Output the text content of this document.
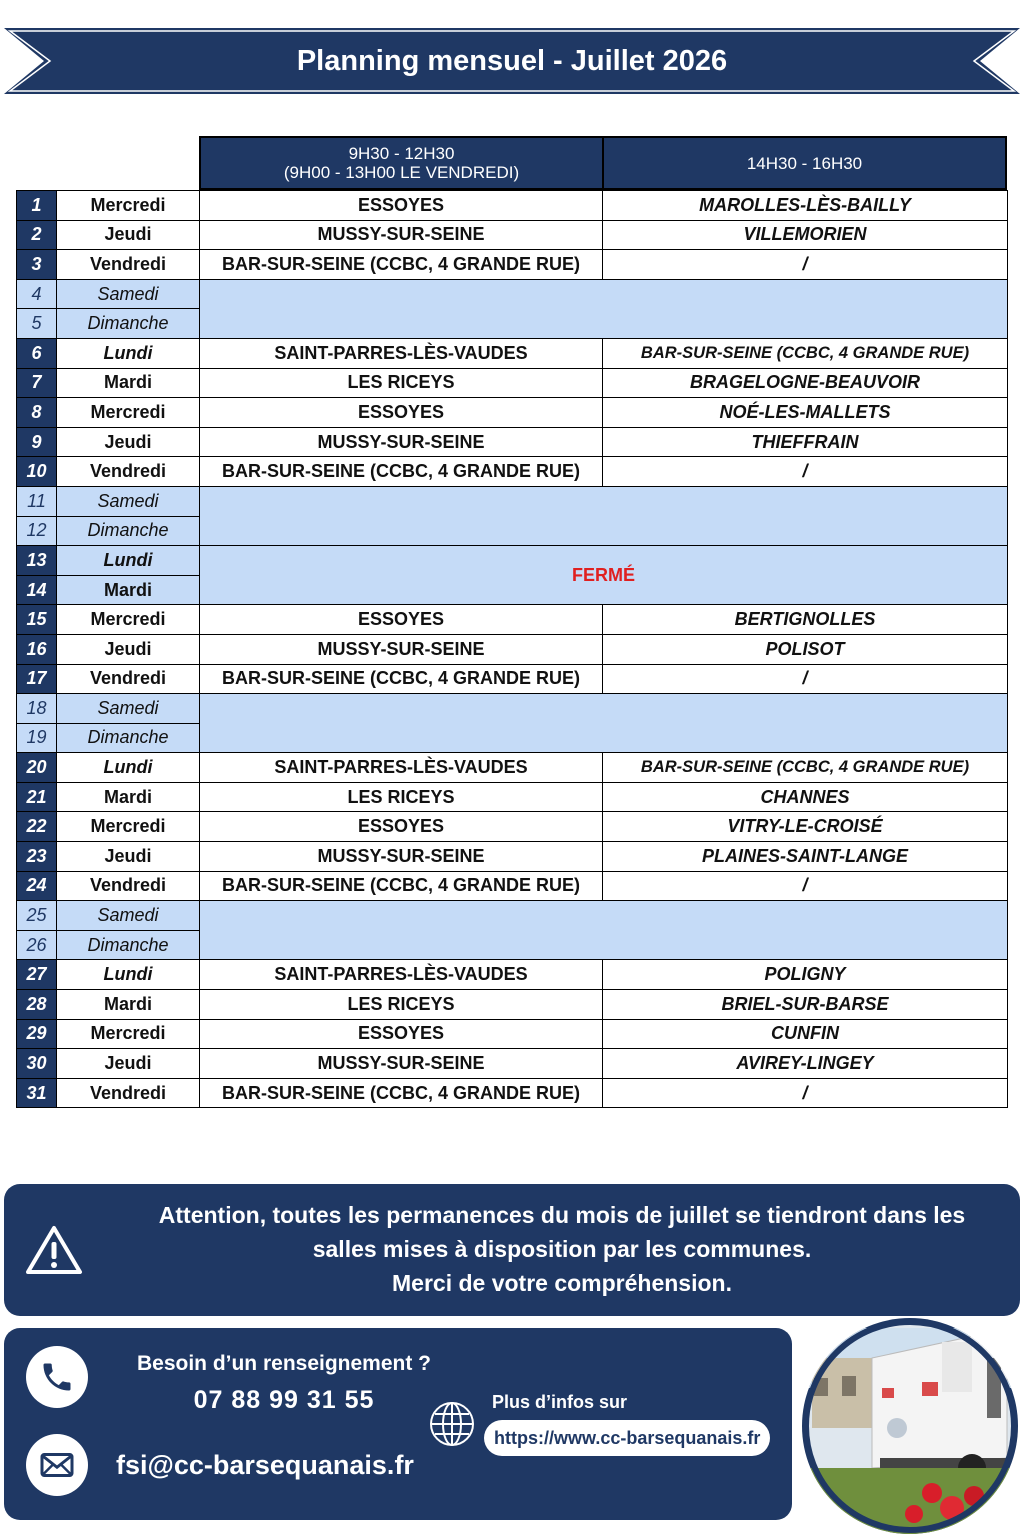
Planning mensuel - Juillet 2026
9H30 - 12H30
(9H00 - 13H00 LE VENDREDI)	14H30 - 16H30
1	Mercredi	ESSOYES	MAROLLES-LÈS-BAILLY
2	Jeudi	MUSSY-SUR-SEINE	VILLEMORIEN
3	Vendredi	BAR-SUR-SEINE (CCBC, 4 GRANDE RUE)	/
4	Samedi		
5	Dimanche		
6	Lundi	SAINT-PARRES-LÈS-VAUDES	BAR-SUR-SEINE (CCBC, 4 GRANDE RUE)
7	Mardi	LES RICEYS	BRAGELOGNE-BEAUVOIR
8	Mercredi	ESSOYES	NOÉ-LES-MALLETS
9	Jeudi	MUSSY-SUR-SEINE	THIEFFRAIN
10	Vendredi	BAR-SUR-SEINE (CCBC, 4 GRANDE RUE)	/
11	Samedi		
12	Dimanche		
13	Lundi	FERMÉ	
14	Mardi		
15	Mercredi	ESSOYES	BERTIGNOLLES
16	Jeudi	MUSSY-SUR-SEINE	POLISOT
17	Vendredi	BAR-SUR-SEINE (CCBC, 4 GRANDE RUE)	/
18	Samedi		
19	Dimanche		
20	Lundi	SAINT-PARRES-LÈS-VAUDES	BAR-SUR-SEINE (CCBC, 4 GRANDE RUE)
21	Mardi	LES RICEYS	CHANNES
22	Mercredi	ESSOYES	VITRY-LE-CROISÉ
23	Jeudi	MUSSY-SUR-SEINE	PLAINES-SAINT-LANGE
24	Vendredi	BAR-SUR-SEINE (CCBC, 4 GRANDE RUE)	/
25	Samedi		
26	Dimanche		
27	Lundi	SAINT-PARRES-LÈS-VAUDES	POLIGNY
28	Mardi	LES RICEYS	BRIEL-SUR-BARSE
29	Mercredi	ESSOYES	CUNFIN
30	Jeudi	MUSSY-SUR-SEINE	AVIREY-LINGEY
31	Vendredi	BAR-SUR-SEINE (CCBC, 4 GRANDE RUE)	/
Attention, toutes les permanences du mois de juillet se tiendront dans les
salles mises à disposition par les communes.
Merci de votre compréhension.
Besoin d’un renseignement ?
07 88 99 31 55
fsi@cc-barsequanais.fr
Plus d’infos sur
https://www.cc-barsequanais.fr
